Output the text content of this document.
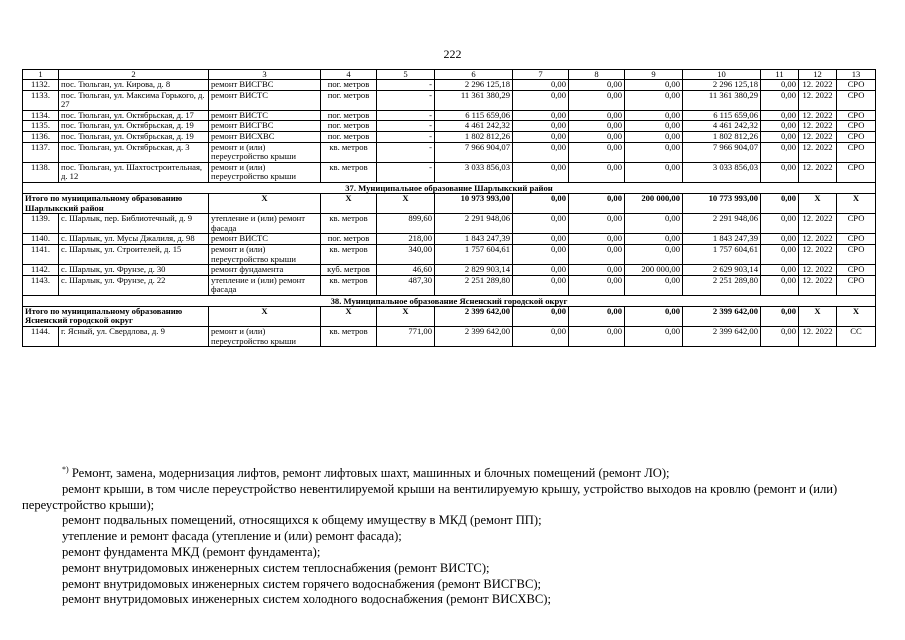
222
1	2	3	4	5	6	7	8	9	10	11	12	13
1132.	пос. Тюльган, ул. Кирова, д. 8	ремонт ВИСГВС	пог. метров	-	2 296 125,18	0,00	0,00	0,00	2 296 125,18	0,00	12. 2022	СРО
1133.	пос. Тюльган, ул. Максима Горького, д. 27	ремонт ВИСТС	пог. метров	-	11 361 380,29	0,00	0,00	0,00	11 361 380,29	0,00	12. 2022	СРО
1134.	пос. Тюльган, ул. Октябрьская, д. 17	ремонт ВИСТС	пог. метров	-	6 115 659,06	0,00	0,00	0,00	6 115 659,06	0,00	12. 2022	СРО
1135.	пос. Тюльган, ул. Октябрьская, д. 19	ремонт ВИСГВС	пог. метров	-	4 461 242,32	0,00	0,00	0,00	4 461 242,32	0,00	12. 2022	СРО
1136.	пос. Тюльган, ул. Октябрьская, д. 19	ремонт ВИСХВС	пог. метров	-	1 802 812,26	0,00	0,00	0,00	1 802 812,26	0,00	12. 2022	СРО
1137.	пос. Тюльган, ул. Октябрьская, д. 3	ремонт и (или) переустройство крыши	кв. метров	-	7 966 904,07	0,00	0,00	0,00	7 966 904,07	0,00	12. 2022	СРО
1138.	пос. Тюльган, ул. Шахтостроительная, д. 12	ремонт и (или) переустройство крыши	кв. метров	-	3 033 856,03	0,00	0,00	0,00	3 033 856,03	0,00	12. 2022	СРО
37. Муниципальное образование Шарлыкский район												
Итого по муниципальному образованию Шарлыкский район		X	X	X	10 973 993,00	0,00	0,00	200 000,00	10 773 993,00	0,00	X	X
1139.	с. Шарлык, пер. Библиотечный, д. 9	утепление и (или) ремонт фасада	кв. метров	899,60	2 291 948,06	0,00	0,00	0,00	2 291 948,06	0,00	12. 2022	СРО
1140.	с. Шарлык, ул. Мусы Джалиля, д. 98	ремонт ВИСТС	пог. метров	218,00	1 843 247,39	0,00	0,00	0,00	1 843 247,39	0,00	12. 2022	СРО
1141.	с. Шарлык, ул. Строителей, д. 15	ремонт и (или) переустройство крыши	кв. метров	340,00	1 757 604,61	0,00	0,00	0,00	1 757 604,61	0,00	12. 2022	СРО
1142.	с. Шарлык, ул. Фрунзе, д. 30	ремонт фундамента	куб. метров	46,60	2 829 903,14	0,00	0,00	200 000,00	2 629 903,14	0,00	12. 2022	СРО
1143.	с. Шарлык, ул. Фрунзе, д. 22	утепление и (или) ремонт фасада	кв. метров	487,30	2 251 289,80	0,00	0,00	0,00	2 251 289,80	0,00	12. 2022	СРО
38. Муниципальное образование Ясненский городской округ												
Итого по муниципальному образованию Ясненский городской округ		X	X	X	2 399 642,00	0,00	0,00	0,00	2 399 642,00	0,00	X	X
1144.	г. Ясный, ул. Свердлова, д. 9	ремонт и (или) переустройство крыши	кв. метров	771,00	2 399 642,00	0,00	0,00	0,00	2 399 642,00	0,00	12. 2022	СС

*) Ремонт, замена, модернизация лифтов, ремонт лифтовых шахт, машинных и блочных помещений (ремонт ЛО);

ремонт крыши, в том числе переустройство невентилируемой крыши на вентилируемую крышу, устройство выходов на кровлю (ремонт и (или) переустройство крыши);

ремонт подвальных помещений, относящихся к общему имуществу в МКД (ремонт ПП);

утепление и ремонт фасада (утепление и (или) ремонт фасада);

ремонт фундамента МКД (ремонт фундамента);

ремонт внутридомовых инженерных систем теплоснабжения (ремонт ВИСТС);

ремонт внутридомовых инженерных систем горячего водоснабжения (ремонт ВИСГВС);

ремонт внутридомовых инженерных систем холодного водоснабжения (ремонт ВИСХВС);
